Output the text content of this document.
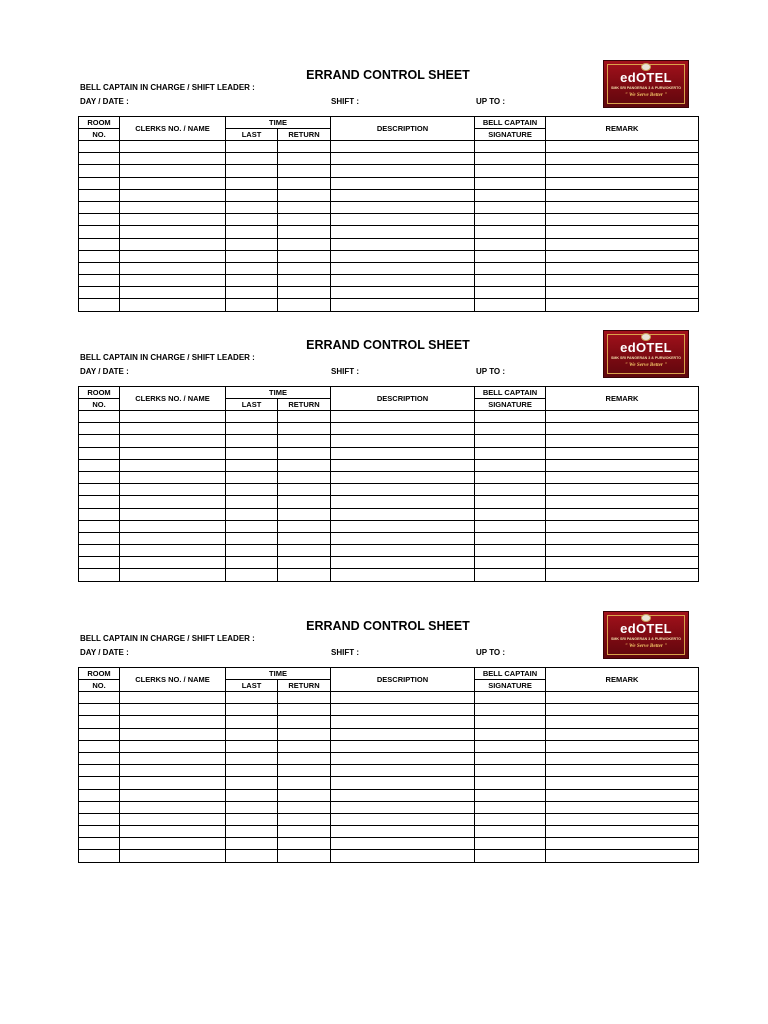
ERRAND CONTROL SHEET
BELL CAPTAIN IN CHARGE / SHIFT LEADER :
DAY / DATE :	SHIFT :	UP TO :
edOTEL
SMK SRI PANGERAN 3 & PURWOKERTO
" We Serve Better "
ROOM	CLERKS NO. / NAME	TIME		DESCRIPTION	BELL CAPTAIN	REMARK
NO.		LAST	RETURN		SIGNATURE	

ERRAND CONTROL SHEET
BELL CAPTAIN IN CHARGE / SHIFT LEADER :
DAY / DATE :	SHIFT :	UP TO :
edOTEL
SMK SRI PANGERAN 3 & PURWOKERTO
" We Serve Better "
ROOM	CLERKS NO. / NAME	TIME		DESCRIPTION	BELL CAPTAIN	REMARK
NO.		LAST	RETURN		SIGNATURE	

ERRAND CONTROL SHEET
BELL CAPTAIN IN CHARGE / SHIFT LEADER :
DAY / DATE :	SHIFT :	UP TO :
edOTEL
SMK SRI PANGERAN 3 & PURWOKERTO
" We Serve Better "
ROOM	CLERKS NO. / NAME	TIME		DESCRIPTION	BELL CAPTAIN	REMARK
NO.		LAST	RETURN		SIGNATURE	
